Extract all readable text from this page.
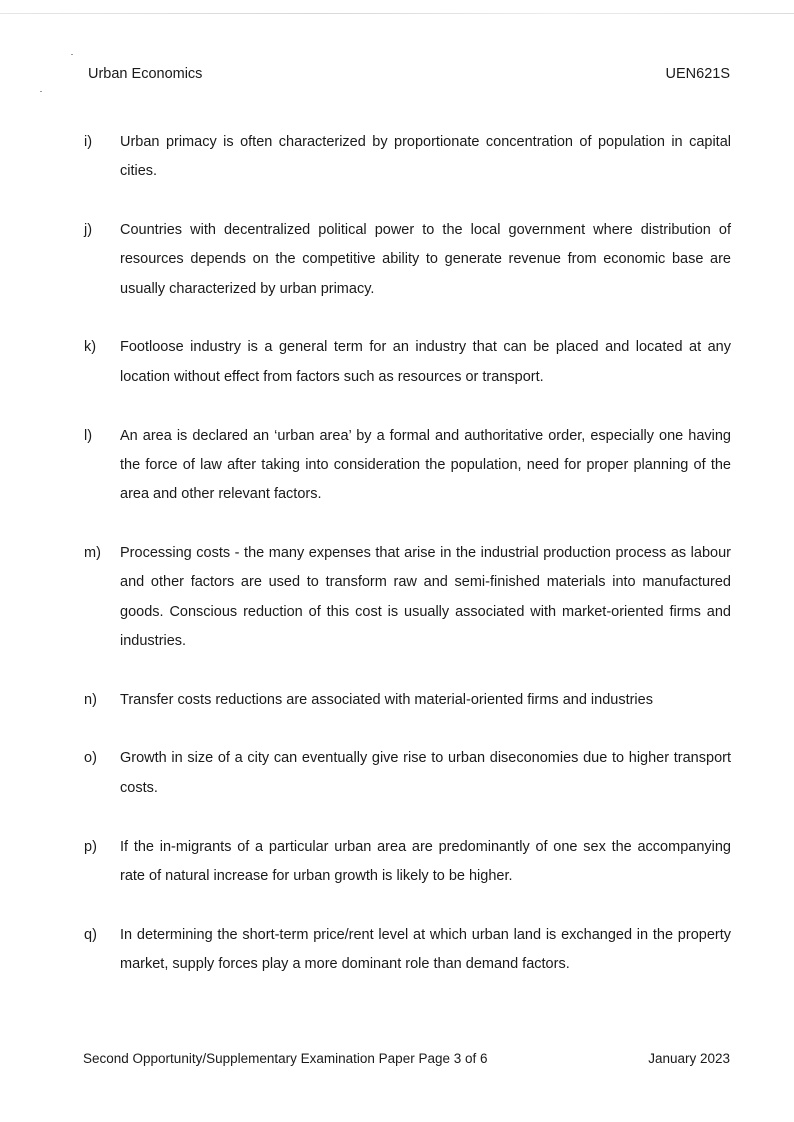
Urban Economics	UEN621S
i)	Urban primacy is often characterized by proportionate concentration of population in capital cities.
j)	Countries with decentralized political power to the local government where distribution of resources depends on the competitive ability to generate revenue from economic base are usually characterized by urban primacy.
k)	Footloose industry is a general term for an industry that can be placed and located at any location without effect from factors such as resources or transport.
l)	An area is declared an ‘urban area’ by a formal and authoritative order, especially one having the force of law after taking into consideration the population, need for proper planning of the area and other relevant factors.
m)	Processing costs - the many expenses that arise in the industrial production process as labour and other factors are used to transform raw and semi-finished materials into manufactured goods. Conscious reduction of this cost is usually associated with market-oriented firms and industries.
n)	Transfer costs reductions are associated with material-oriented firms and industries
o)	Growth in size of a city can eventually give rise to urban diseconomies due to higher transport costs.
p)	If the in-migrants of a particular urban area are predominantly of one sex the accompanying rate of natural increase for urban growth is likely to be higher.
q)	In determining the short-term price/rent level at which urban land is exchanged in the property market, supply forces play a more dominant role than demand factors.
Second Opportunity/Supplementary Examination Paper Page 3 of 6	January 2023
